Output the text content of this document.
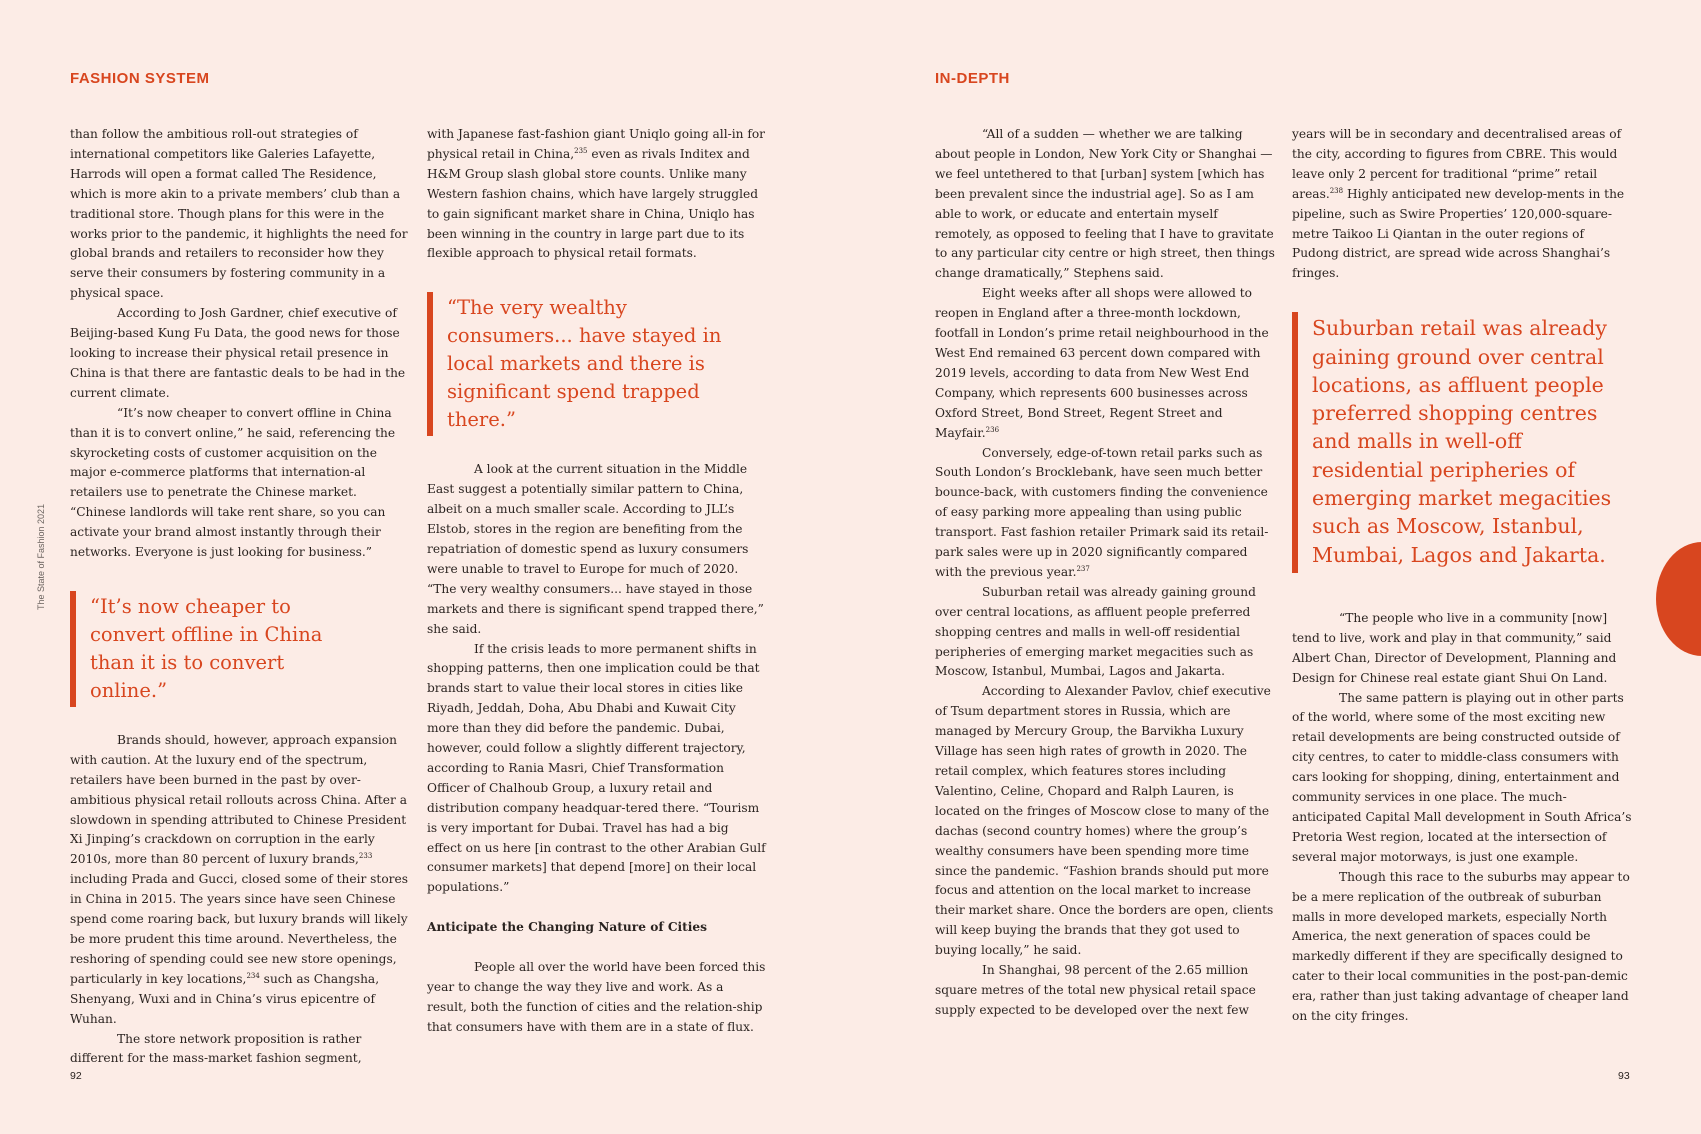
FASHION SYSTEM
The State of Fashion 2021

than follow the ambitious roll-out strategies of international competitors like Galeries Lafayette, Harrods will open a format called The Residence, which is more akin to a private members’ club than a traditional store. Though plans for this were in the works prior to the pandemic, it highlights the need for global brands and retailers to reconsider how they serve their consumers by fostering community in a physical space.

According to Josh Gardner, chief executive of Beijing-based Kung Fu Data, the good news for those looking to increase their physical retail presence in China is that there are fantastic deals to be had in the current climate.

“It’s now cheaper to convert offline in China than it is to convert online,” he said, referencing the skyrocketing costs of customer acquisition on the major e-commerce platforms that internation-al retailers use to penetrate the Chinese market. “Chinese landlords will take rent share, so you can activate your brand almost instantly through their networks. Everyone is just looking for business.”

“It’s now cheaper to convert offline in China than it is to convert online.”

Brands should, however, approach expansion with caution. At the luxury end of the spectrum, retailers have been burned in the past by over-ambitious physical retail rollouts across China. After a slowdown in spending attributed to Chinese President Xi Jinping’s crackdown on corruption in the early 2010s, more than 80 percent of luxury brands,$^{233}$ including Prada and Gucci, closed some of their stores in China in 2015. The years since have seen Chinese spend come roaring back, but luxury brands will likely be more prudent this time around. Nevertheless, the reshoring of spending could see new store openings, particularly in key locations,$^{234}$ such as Changsha, Shenyang, Wuxi and in China’s virus epicentre of Wuhan.

The store network proposition is rather different for the mass-market fashion segment,

with Japanese fast-fashion giant Uniqlo going all-in for physical retail in China,$^{235}$ even as rivals Inditex and H&M Group slash global store counts. Unlike many Western fashion chains, which have largely struggled to gain significant market share in China, Uniqlo has been winning in the country in large part due to its flexible approach to physical retail formats.

“The very wealthy consumers... have stayed in local markets and there is significant spend trapped there.”

A look at the current situation in the Middle East suggest a potentially similar pattern to China, albeit on a much smaller scale. According to JLL’s Elstob, stores in the region are benefiting from the repatriation of domestic spend as luxury consumers were unable to travel to Europe for much of 2020. “The very wealthy consumers... have stayed in those markets and there is significant spend trapped there,” she said.

If the crisis leads to more permanent shifts in shopping patterns, then one implication could be that brands start to value their local stores in cities like Riyadh, Jeddah, Doha, Abu Dhabi and Kuwait City more than they did before the pandemic. Dubai, however, could follow a slightly different trajectory, according to Rania Masri, Chief Transformation Officer of Chalhoub Group, a luxury retail and distribution company headquar-tered there. “Tourism is very important for Dubai. Travel has had a big effect on us here [in contrast to the other Arabian Gulf consumer markets] that depend [more] on their local populations.”

Anticipate the Changing Nature of Cities

People all over the world have been forced this year to change the way they live and work. As a result, both the function of cities and the relation-ship that consumers have with them are in a state of flux.

92
IN-DEPTH

“All of a sudden — whether we are talking about people in London, New York City or Shanghai — we feel untethered to that [urban] system [which has been prevalent since the industrial age]. So as I am able to work, or educate and entertain myself remotely, as opposed to feeling that I have to gravitate to any particular city centre or high street, then things change dramatically,” Stephens said.

Eight weeks after all shops were allowed to reopen in England after a three-month lockdown, footfall in London’s prime retail neighbourhood in the West End remained 63 percent down compared with 2019 levels, according to data from New West End Company, which represents 600 businesses across Oxford Street, Bond Street, Regent Street and Mayfair.$^{236}$

Conversely, edge-of-town retail parks such as South London’s Brocklebank, have seen much better bounce-back, with customers finding the convenience of easy parking more appealing than using public transport. Fast fashion retailer Primark said its retail-park sales were up in 2020 significantly compared with the previous year.$^{237}$

Suburban retail was already gaining ground over central locations, as affluent people preferred shopping centres and malls in well-off residential peripheries of emerging market megacities such as Moscow, Istanbul, Mumbai, Lagos and Jakarta.

According to Alexander Pavlov, chief executive of Tsum department stores in Russia, which are managed by Mercury Group, the Barvikha Luxury Village has seen high rates of growth in 2020. The retail complex, which features stores including Valentino, Celine, Chopard and Ralph Lauren, is located on the fringes of Moscow close to many of the dachas (second country homes) where the group’s wealthy consumers have been spending more time since the pandemic. “Fashion brands should put more focus and attention on the local market to increase their market share. Once the borders are open, clients will keep buying the brands that they got used to buying locally,” he said.

In Shanghai, 98 percent of the 2.65 million square metres of the total new physical retail space supply expected to be developed over the next few

years will be in secondary and decentralised areas of the city, according to figures from CBRE. This would leave only 2 percent for traditional “prime” retail areas.$^{238}$ Highly anticipated new develop-ments in the pipeline, such as Swire Properties’ 120,000-square-metre Taikoo Li Qiantan in the outer regions of Pudong district, are spread wide across Shanghai’s fringes.

Suburban retail was already gaining ground over central locations, as affluent people preferred shopping centres and malls in well-off residential peripheries of emerging market megacities such as Moscow, Istanbul, Mumbai, Lagos and Jakarta.

“The people who live in a community [now] tend to live, work and play in that community,” said Albert Chan, Director of Development, Planning and Design for Chinese real estate giant Shui On Land.

The same pattern is playing out in other parts of the world, where some of the most exciting new retail developments are being constructed outside of city centres, to cater to middle-class consumers with cars looking for shopping, dining, entertainment and community services in one place. The much-anticipated Capital Mall development in South Africa’s Pretoria West region, located at the intersection of several major motorways, is just one example.

Though this race to the suburbs may appear to be a mere replication of the outbreak of suburban malls in more developed markets, especially North America, the next generation of spaces could be markedly different if they are specifically designed to cater to their local communities in the post-pan-demic era, rather than just taking advantage of cheaper land on the city fringes.

93
